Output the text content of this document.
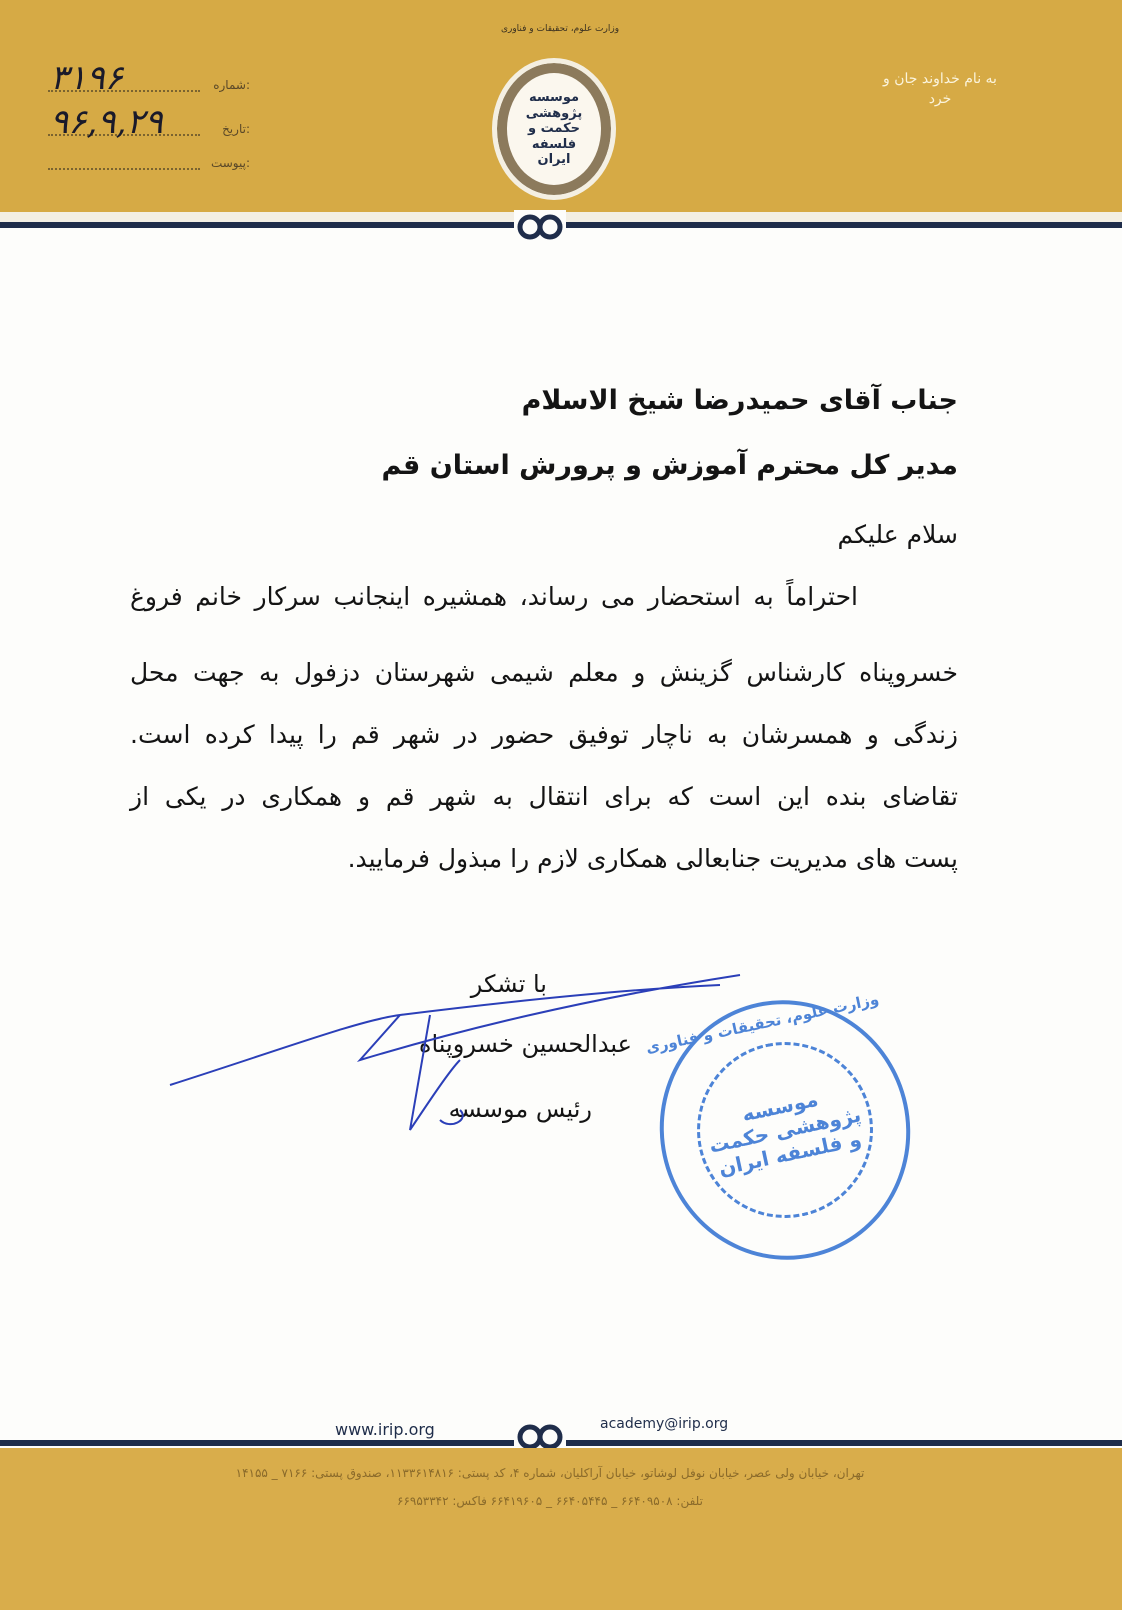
وزارت علوم، تحقیقات و فناوری
موسسه پژوهشی حکمت و فلسفه ایران
به نام خداوند جان و خرد
شماره:
۳۱۹۶
تاریخ:
۹۶,۹,۲۹
پیوست:
جناب آقای حمیدرضا شیخ الاسلام
مدیر کل محترم آموزش و پرورش استان قم
سلام علیکم
احتراماً به استحضار می رساند، همشیره اینجانب سرکار خانم فروغ
خسروپناه کارشناس گزینش و معلم شیمی شهرستان دزفول به جهت محل
زندگی و همسرشان به ناچار توفیق حضور در شهر قم را پیدا کرده است.
تقاضای بنده این است که برای انتقال به شهر قم و همکاری در یکی از
پست های مدیریت جنابعالی همکاری لازم را مبذول فرمایید.
با تشکر
عبدالحسین خسروپناه
رئیس موسسه
وزارت علوم، تحقیقات و فناوری
موسسه پژوهشی حکمت و فلسفه ایران
www.irip.org	academy@irip.org
تهران، خیابان ولی عصر، خیابان نوفل لوشاتو، خیابان آراکلیان، شماره ۴، کد پستی: ۱۱۳۳۶۱۴۸۱۶، صندوق پستی: ۷۱۶۶ _ ۱۴۱۵۵
تلفن: ۶۶۴۰۹۵۰۸ _ ۶۶۴۰۵۴۴۵ _ ۶۶۴۱۹۶۰۵ فاکس: ۶۶۹۵۳۳۴۲
